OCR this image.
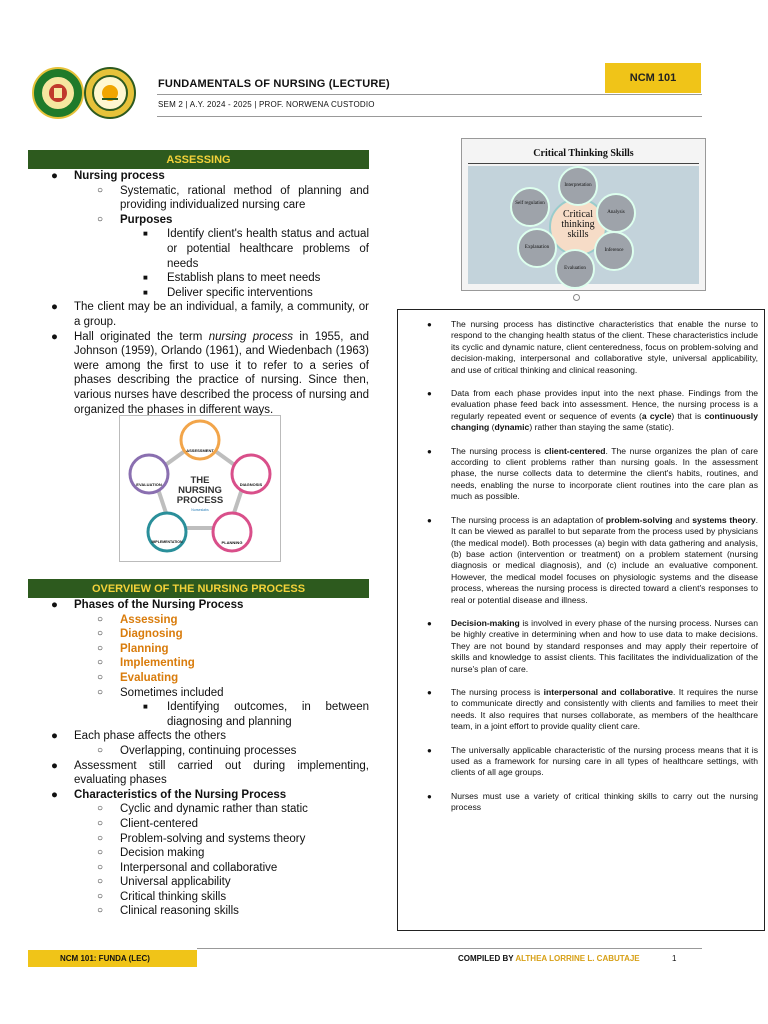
FUNDAMENTALS OF NURSING (LECTURE)
SEM 2 | A.Y. 2024 - 2025 | PROF. NORWENA CUSTODIO
NCM 101
ASSESSING
● Nursing process
○ Systematic, rational method of planning and providing individualized nursing care
○ Purposes
■ Identify client's health status and actual or potential healthcare problems of needs
■ Establish plans to meet needs
■ Deliver specific interventions
● The client may be an individual, a family, a community, or a group.
● Hall originated the term nursing process in 1955, and Johnson (1959), Orlando (1961), and Wiedenbach (1963) were among the first to use it to refer to a series of phases describing the practice of nursing. Since then, various nurses have described the process of nursing and organized the phases in different ways.
ASSESSMENT
DIAGNOSIS
PLANNING
IMPLEMENTATION
EVALUATION	THE NURSING PROCESS
Nurseslabs
OVERVIEW OF THE NURSING PROCESS
● Phases of the Nursing Process
○ Assessing
○ Diagnosing
○ Planning
○ Implementing
○ Evaluating
○ Sometimes included
■ Identifying outcomes, in between diagnosing and planning
● Each phase affects the others
○ Overlapping, continuing processes
● Assessment still carried out during implementing, evaluating phases
● Characteristics of the Nursing Process
○ Cyclic and dynamic rather than static
○ Client-centered
○ Problem-solving and systems theory
○ Decision making
○ Interpersonal and collaborative
○ Universal applicability
○ Critical thinking skills
○ Clinical reasoning skills
Critical Thinking Skills
Critical thinking skills
Interpretation
Analysis
Inference
Evaluation
Explanation
Self regulation
● The nursing process has distinctive characteristics that enable the nurse to respond to the changing health status of the client. These characteristics include its cyclic and dynamic nature, client centeredness, focus on problem-solving and decision-making, interpersonal and collaborative style, universal applicability, and use of critical thinking and clinical reasoning.
● Data from each phase provides input into the next phase. Findings from the evaluation phase feed back into assessment. Hence, the nursing process is a regularly repeated event or sequence of events (a cycle) that is continuously changing (dynamic) rather than staying the same (static).
● The nursing process is client-centered. The nurse organizes the plan of care according to client problems rather than nursing goals. In the assessment phase, the nurse collects data to determine the client's habits, routines, and needs, enabling the nurse to incorporate client routines into the care plan as much as possible.
● The nursing process is an adaptation of problem-solving and systems theory. It can be viewed as parallel to but separate from the process used by physicians (the medical model). Both processes (a) begin with data gathering and analysis, (b) base action (intervention or treatment) on a problem statement (nursing diagnosis or medical diagnosis), and (c) include an evaluative component. However, the medical model focuses on physiologic systems and the disease process, whereas the nursing process is directed toward a client's responses to real or potential disease and illness.
● Decision-making is involved in every phase of the nursing process. Nurses can be highly creative in determining when and how to use data to make decisions. They are not bound by standard responses and may apply their repertoire of skills and knowledge to assist clients. This facilitates the individualization of the nurse's plan of care.
● The nursing process is interpersonal and collaborative. It requires the nurse to communicate directly and consistently with clients and families to meet their needs. It also requires that nurses collaborate, as members of the healthcare team, in a joint effort to provide quality client care.
● The universally applicable characteristic of the nursing process means that it is used as a framework for nursing care in all types of healthcare settings, with clients of all age groups.
● Nurses must use a variety of critical thinking skills to carry out the nursing process
NCM 101: FUNDA (LEC)	COMPILED BY ALTHEA LORRINE L. CABUTAJE	1
